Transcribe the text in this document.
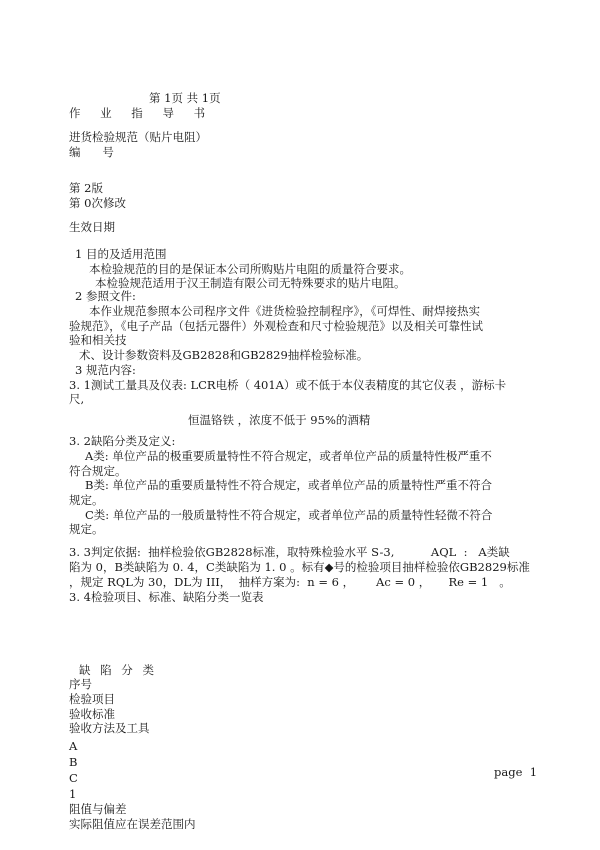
第 1页 共 1页
作 业 指 导 书
进货检验规范（贴片电阻）
编      号
第 2版
第 0次修改
生效日期
1 目的及适用范围
本检验规范的目的是保证本公司所购贴片电阻的质量符合要求。
本检验规范适用于汉王制造有限公司无特殊要求的贴片电阻。
2 参照文件:
本作业规范参照本公司程序文件《进货检验控制程序》，《可焊性、耐焊接热实
验规范》，《电子产品（包括元器件）外观检查和尺寸检验规范》以及相关可靠性试
验和相关技
术、设计参数资料及GB2828和GB2829抽样检验标准。
3 规范内容:
3. 1测试工量具及仪表: LCR电桥（ 401A）或不低于本仪表精度的其它仪表 ，游标卡
尺,
恒温铬铁 ，浓度不低于 95%的酒精
3. 2缺陷分类及定义:
A类: 单位产品的极重要质量特性不符合规定，或者单位产品的质量特性极严重不
符合规定。
B类: 单位产品的重要质量特性不符合规定，或者单位产品的质量特性严重不符合
规定。
C类: 单位产品的一般质量特性不符合规定，或者单位产品的质量特性轻微不符合
规定。
3. 3判定依据:  抽样检验依GB2828标准，取特殊检验水平 S-3,          AQL  :   A类缺
陷为 0，B类缺陷为 0. 4，C类缺陷为 1. 0 。标有◆号的检验项目抽样检验依GB2829标准
，规定 RQL为 30，DL为 III，  抽样方案为:  n = 6 ，      Ac = 0 ，     Re = 1   。
3. 4检验项目、标准、缺陷分类一览表
缺 陷 分 类
序号
检验项目
验收标准
验收方法及工具
A
B
C
1
阻值与偏差
实际阻值应在误差范围内
page  1
